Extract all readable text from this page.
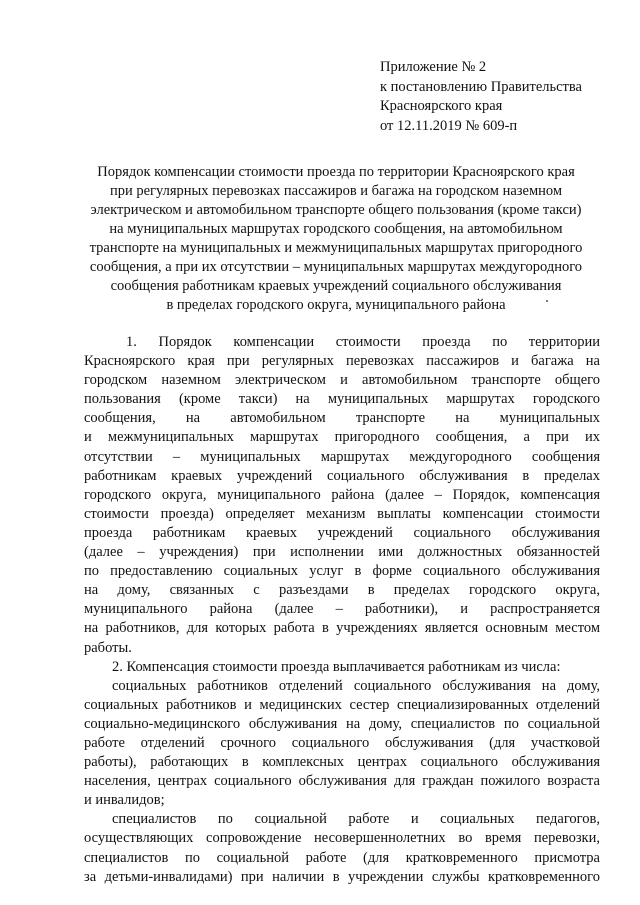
Приложение № 2
к постановлению Правительства
Красноярского края
от 12.11.2019 № 609-п
Порядок компенсации стоимости проезда по территории Красноярского края
при регулярных перевозках пассажиров и багажа на городском наземном
электрическом и автомобильном транспорте общего пользования (кроме такси)
на муниципальных маршрутах городского сообщения, на автомобильном
транспорте на муниципальных и межмуниципальных маршрутах пригородного
сообщения, а при их отсутствии – муниципальных маршрутах междугородного
сообщения работникам краевых учреждений социального обслуживания
в пределах городского округа, муниципального района
1. Порядок компенсации стоимости проезда по территории
Красноярского края при регулярных перевозках пассажиров и багажа на
городском наземном электрическом и автомобильном транспорте общего
пользования (кроме такси) на муниципальных маршрутах городского
сообщения, на автомобильном транспорте на муниципальных
и межмуниципальных маршрутах пригородного сообщения, а при их
отсутствии – муниципальных маршрутах междугородного сообщения
работникам краевых учреждений социального обслуживания в пределах
городского округа, муниципального района (далее – Порядок, компенсация
стоимости проезда) определяет механизм выплаты компенсации стоимости
проезда работникам краевых учреждений социального обслуживания
(далее – учреждения) при исполнении ими должностных обязанностей
по предоставлению социальных услуг в форме социального обслуживания
на дому, связанных с разъездами в пределах городского округа,
муниципального района (далее – работники), и распространяется
на работников, для которых работа в учреждениях является основным местом
работы.
2. Компенсация стоимости проезда выплачивается работникам из числа:
социальных работников отделений социального обслуживания на дому,
социальных работников и медицинских сестер специализированных отделений
социально-медицинского обслуживания на дому, специалистов по социальной
работе отделений срочного социального обслуживания (для участковой
работы), работающих в комплексных центрах социального обслуживания
населения, центрах социального обслуживания для граждан пожилого возраста
и инвалидов;
специалистов по социальной работе и социальных педагогов,
осуществляющих сопровождение несовершеннолетних во время перевозки,
специалистов по социальной работе (для кратковременного присмотра
за детьми-инвалидами) при наличии в учреждении службы кратковременного
